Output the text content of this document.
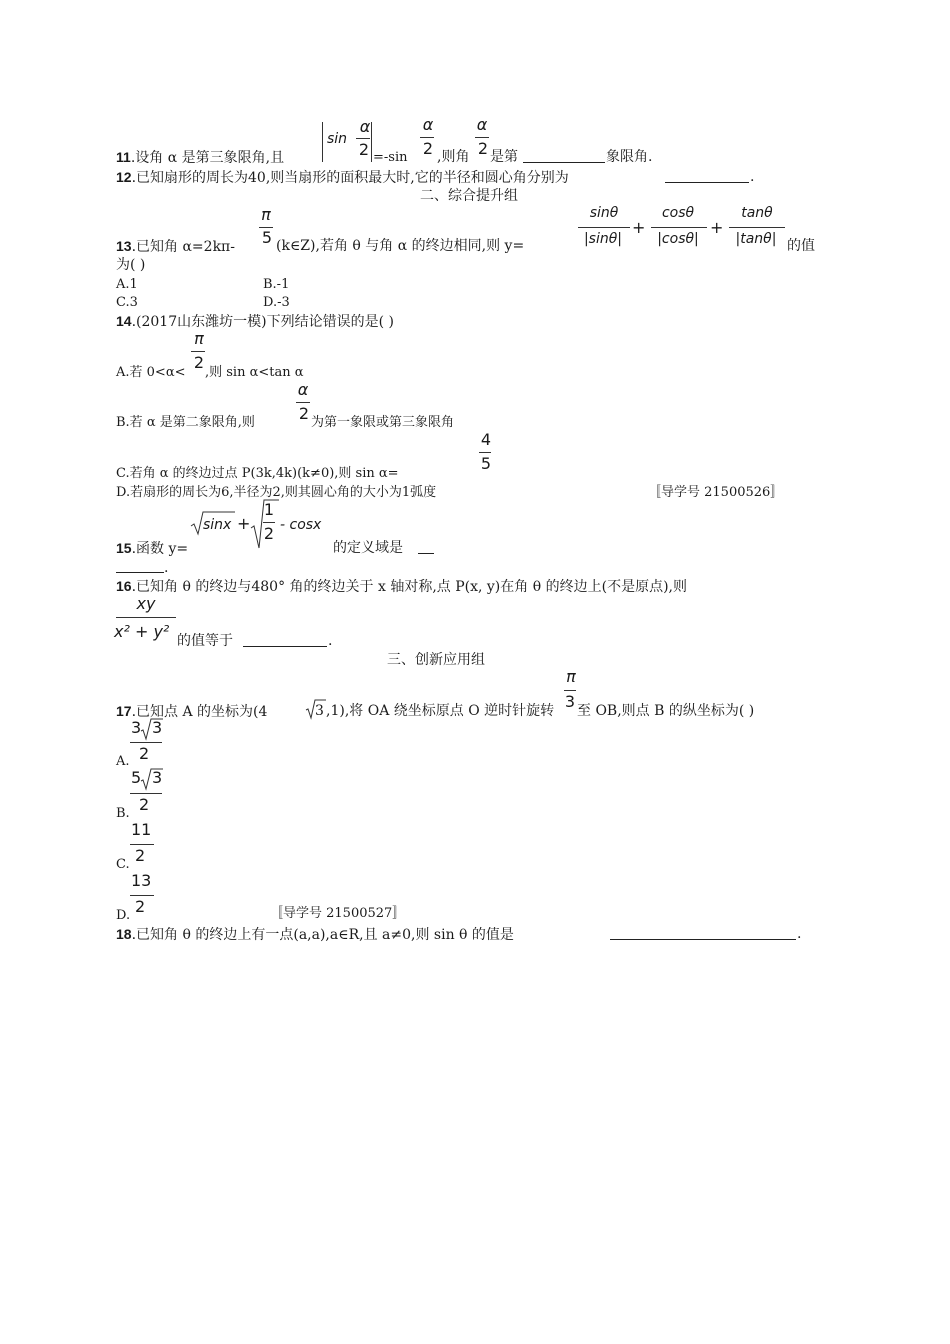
α
2
sin
α
2
α
2
11.设角 α 是第三象限角,且	=-sin ,则角 是第	象限角.
12.已知扇形的周长为40,则当扇形的面积最大时,它的半径和圆心角分别为	.
二、综合提升组
π
5
sinθ
|sinθ|
+
cosθ
|cosθ|
+
tanθ
|tanθ|
13.已知角 α=2kπ-	(k∈Z),若角 θ 与角 α 的终边相同,则 y=	的值
为( )
A.1	B.-1
C.3	D.-3
14.(2017山东潍坊一模)下列结论错误的是( )
π
2
A.若 0<α< ,则 sin α<tan α
α
2
B.若 α 是第二象限角,则	为第一象限或第三象限角
4
5
C.若角 α 的终边过点 P(3k,4k)(k≠0),则 sin α=
D.若扇形的周长为6,半径为2,则其圆心角的大小为1弧度	〚导学号 21500526〛
sinx +
1
2 - cosx
15.函数 y=	的定义域是
.
16.已知角 θ 的终边与480° 角的终边关于 x 轴对称,点 P(x, y)在角 θ 的终边上(不是原点),则
xy
x² + y² 的值等于	.
三、创新应用组
π
3
17.已知点 A 的坐标为(4	3 ,1),将 OA 绕坐标原点 O 逆时针旋转 至 OB,则点 B 的纵坐标为( )
3 3
2
A.
5 3
2
B.
11
2
C.
13
2
D.	〚导学号 21500527〛
18.已知角 θ 的终边上有一点(a,a),a∈R,且 a≠0,则 sin θ 的值是	.
